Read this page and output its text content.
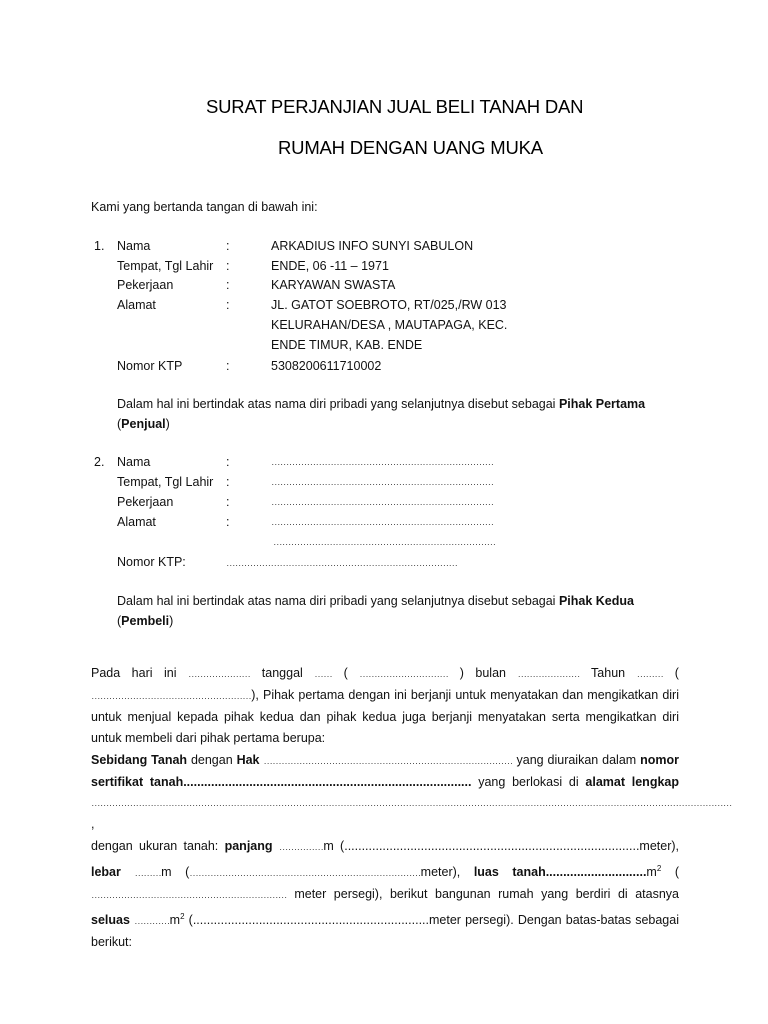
SURAT PERJANJIAN JUAL BELI TANAH DAN
RUMAH DENGAN UANG MUKA
Kami yang bertanda tangan di bawah ini:
1. Nama
Tempat, Tgl Lahir
Pekerjaan
Alamat
Nomor KTP
:
:
:
:
:
ARKADIUS INFO SUNYI SABULON
ENDE, 06 -11 – 1971
KARYAWAN SWASTA
JL. GATOT SOEBROTO, RT/025,/RW 013
KELURAHAN/DESA , MAUTAPAGA, KEC.
ENDE TIMUR, KAB. ENDE
5308200611710002
Dalam hal ini bertindak atas nama diri pribadi yang selanjutnya disebut sebagai Pihak Pertama
(Penjual)
2. Nama
Tempat, Tgl Lahir
Pekerjaan
Alamat
Nomor KTP:
:
:
:
:
…………………………………………………………………
…………………………………………………………………
…………………………………………………………………
…………………………………………………………………
…………………………………………………………………
……………………………………………………………………
Dalam hal ini bertindak atas nama diri pribadi yang selanjutnya disebut sebagai Pihak Kedua
(Pembeli)
Pada hari ini ………………… tanggal …… ( ………………………… ) bulan ………………… Tahun ……… ( ………………………………………………), Pihak pertama dengan ini berjanji untuk menyatakan dan mengikatkan diri untuk menjual kepada pihak kedua dan pihak kedua juga berjanji menyatakan serta mengikatkan diri untuk membeli dari pihak pertama berupa:
Sebidang Tanah dengan Hak ………………………………………………………………………… yang diuraikan dalam nomor sertifikat tanah................................................................................... yang berlokasi di alamat lengkap ……………………………………………………………………………………………………………………………………………………………………………………………… ,
dengan ukuran tanah: panjang ……………m (.....................................................................................meter), lebar ………m (……………………………………………………………………meter), luas $tanah.............................m^2$ ( ………………………………………………………… meter persegi), berikut bangunan rumah yang berdiri di atasnya seluas $\dots\dots\dots\dots m^2$ (....................................................................meter persegi). Dengan batas-batas sebagai berikut:
